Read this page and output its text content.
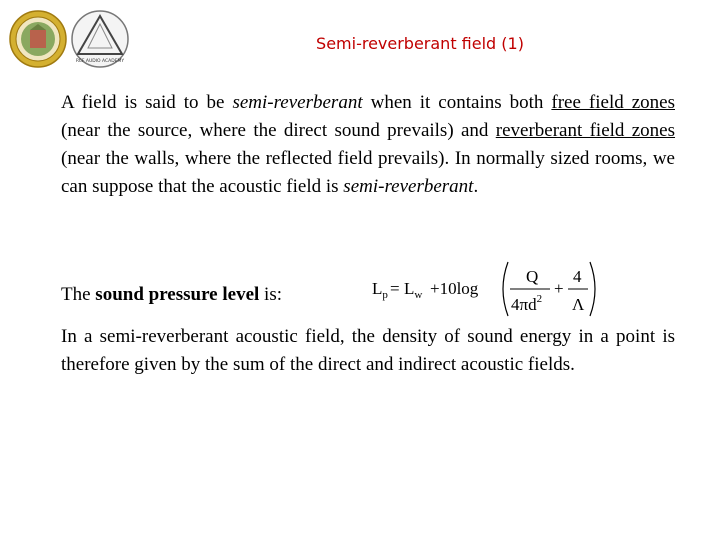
RCF AUDIO ACADEMY
Semi-reverberant field (1)

A field is said to be semi-reverberant when it contains both free field zones (near the source, where the direct sound prevails) and reverberant field zones (near the walls, where the reflected field prevails). In normally sized rooms, we can suppose that the acoustic field is semi-reverberant.

The sound pressure level is:	$L_p = L_w +10\log$
Q
$4\pi d^2$
+
4
Λ

In a semi-reverberant acoustic field, the density of sound energy in a point is therefore given by the sum of the direct and indirect acoustic fields.
